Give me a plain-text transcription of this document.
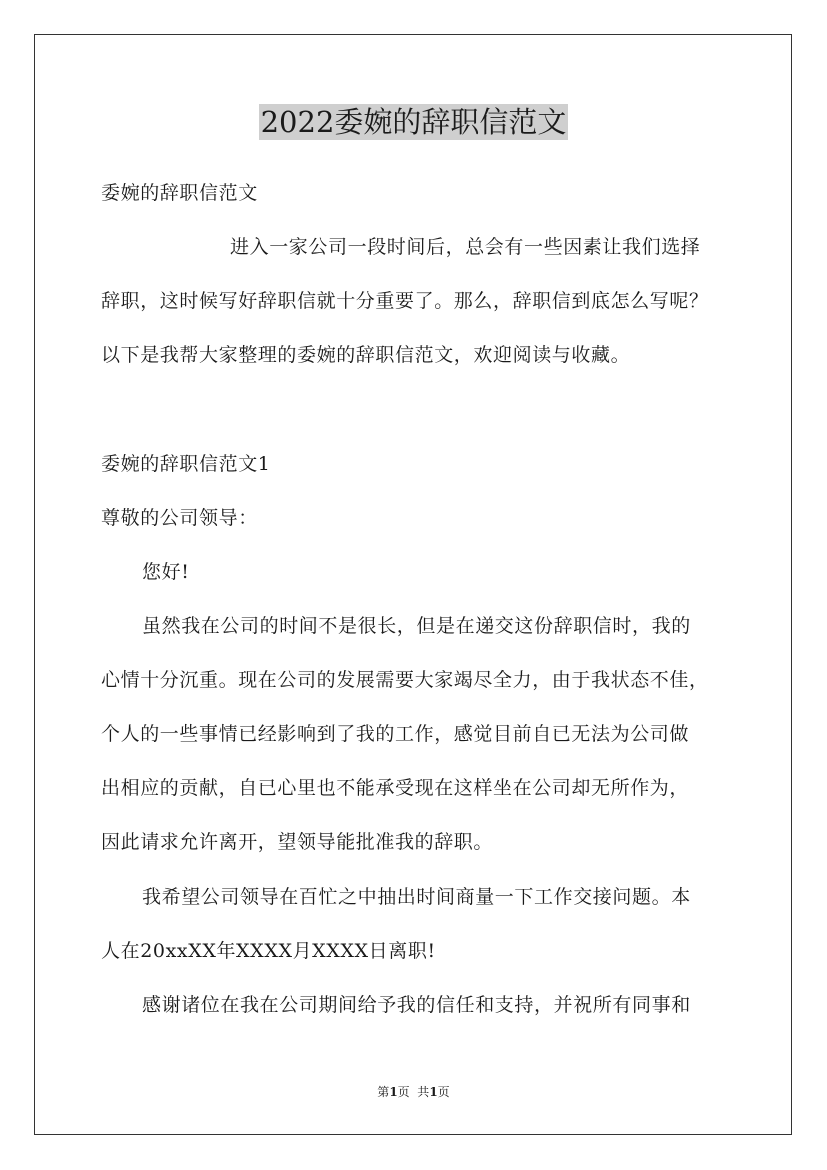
2022委婉的辞职信范文
委婉的辞职信范文
进入一家公司一段时间后，总会有一些因素让我们选择
辞职，这时候写好辞职信就十分重要了。那么，辞职信到底怎么写呢？
以下是我帮大家整理的委婉的辞职信范文，欢迎阅读与收藏。
委婉的辞职信范文1
尊敬的公司领导：
您好!
虽然我在公司的时间不是很长，但是在递交这份辞职信时，我的
心情十分沉重。现在公司的发展需要大家竭尽全力，由于我状态不佳，
个人的一些事情已经影响到了我的工作，感觉目前自已无法为公司做
出相应的贡献，自已心里也不能承受现在这样坐在公司却无所作为，
因此请求允许离开，望领导能批准我的辞职。
我希望公司领导在百忙之中抽出时间商量一下工作交接问题。本
人在20xxXX年XXXX月XXXX日离职!
感谢诸位在我在公司期间给予我的信任和支持，并祝所有同事和
第1页  共1页
